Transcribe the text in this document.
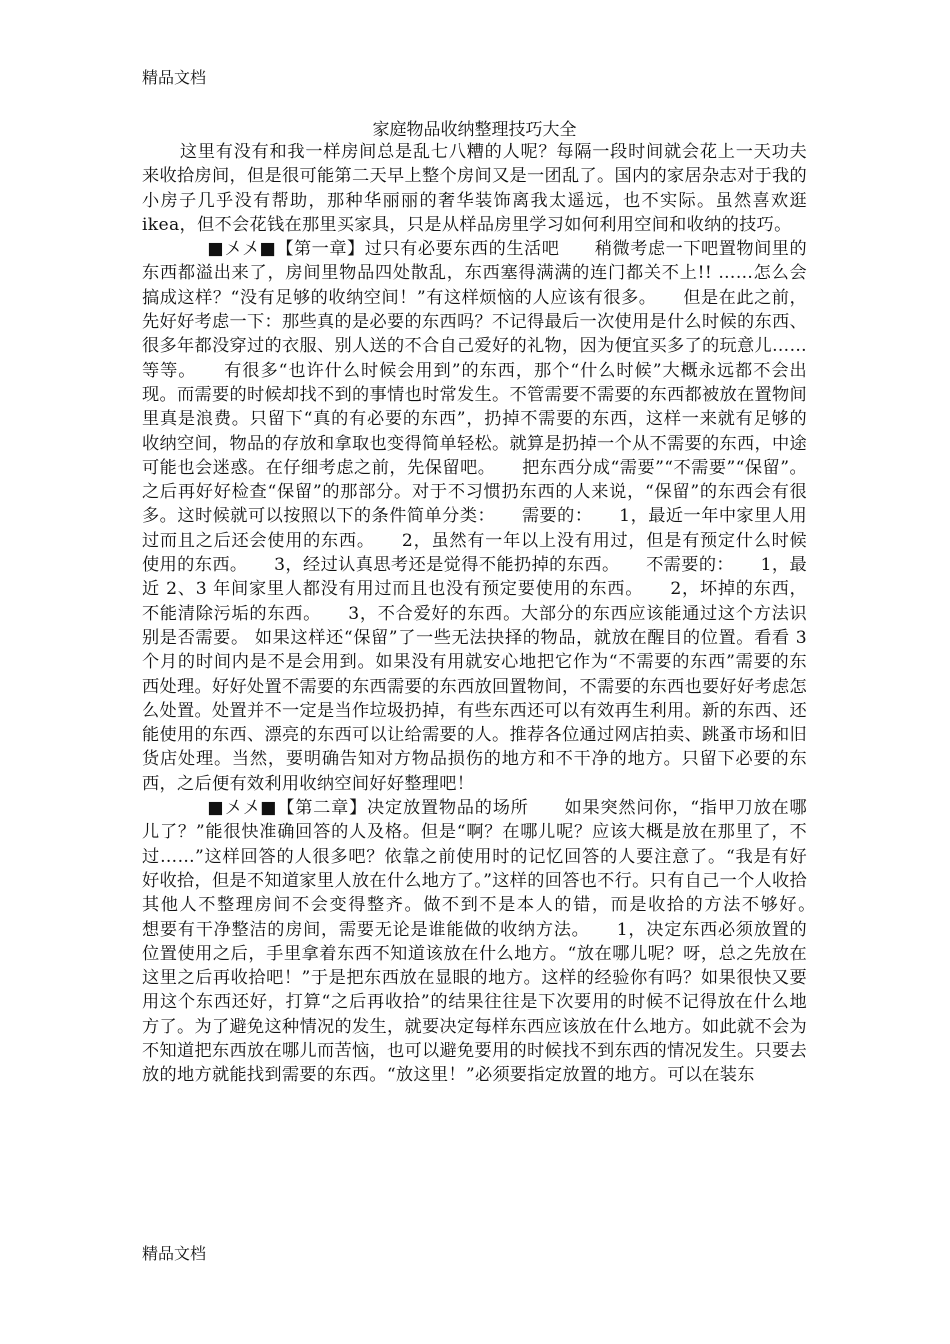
精品文档
家庭物品收纳整理技巧大全

这里有没有和我一样房间总是乱七八糟的人呢？每隔一段时间就会花上一天功夫来收拾房间，但是很可能第二天早上整个房间又是一团乱了。国内的家居杂志对于我的小房子几乎没有帮助，那种华丽丽的奢华装饰离我太遥远，也不实际。虽然喜欢逛 ikea，但不会花钱在那里买家具，只是从样品房里学习如何利用空间和收纳的技巧。

■〤〤■【第一章】过只有必要东西的生活吧　　稍微考虑一下吧置物间里的东西都溢出来了，房间里物品四处散乱，东西塞得满满的连门都关不上!! ……怎么会搞成这样？“没有足够的收纳空间！”有这样烦恼的人应该有很多。　　但是在此之前，先好好考虑一下：那些真的是必要的东西吗？不记得最后一次使用是什么时候的东西、很多年都没穿过的衣服、别人送的不合自己爱好的礼物，因为便宜买多了的玩意儿……等等。　　有很多“也许什么时候会用到”的东西，那个“什么时候”大概永远都不会出现。而需要的时候却找不到的事情也时常发生。不管需要不需要的东西都被放在置物间里真是浪费。只留下“真的有必要的东西”，扔掉不需要的东西，这样一来就有足够的收纳空间，物品的存放和拿取也变得简单轻松。就算是扔掉一个从不需要的东西，中途可能也会迷惑。在仔细考虑之前，先保留吧。　　把东西分成“需要”“不需要”“保留”。之后再好好检查“保留”的那部分。对于不习惯扔东西的人来说，“保留”的东西会有很多。这时候就可以按照以下的条件简单分类：　　需要的：　　1，最近一年中家里人用过而且之后还会使用的东西。　　2，虽然有一年以上没有用过，但是有预定什么时候使用的东西。　　3，经过认真思考还是觉得不能扔掉的东西。　　不需要的：　　1，最近 2、3 年间家里人都没有用过而且也没有预定要使用的东西。　　2，坏掉的东西，不能清除污垢的东西。　　3，不合爱好的东西。大部分的东西应该能通过这个方法识别是否需要。 如果这样还“保留”了一些无法抉择的物品，就放在醒目的位置。看看 3 个月的时间内是不是会用到。如果没有用就安心地把它作为“不需要的东西”需要的东西处理。好好处置不需要的东西需要的东西放回置物间，不需要的东西也要好好考虑怎么处置。处置并不一定是当作垃圾扔掉，有些东西还可以有效再生利用。新的东西、还能使用的东西、漂亮的东西可以让给需要的人。推荐各位通过网店拍卖、跳蚤市场和旧货店处理。当然，要明确告知对方物品损伤的地方和不干净的地方。只留下必要的东西，之后便有效利用收纳空间好好整理吧！

■〤〤■【第二章】决定放置物品的场所　　如果突然问你，“指甲刀放在哪儿了？”能很快准确回答的人及格。但是“啊？在哪儿呢？应该大概是放在那里了，不过……”这样回答的人很多吧？依靠之前使用时的记忆回答的人要注意了。“我是有好好收拾，但是不知道家里人放在什么地方了。”这样的回答也不行。只有自己一个人收拾其他人不整理房间不会变得整齐。做不到不是本人的错，而是收拾的方法不够好。　　想要有干净整洁的房间，需要无论是谁能做的收纳方法。　　1，决定东西必须放置的位置使用之后，手里拿着东西不知道该放在什么地方。“放在哪儿呢？呀，总之先放在这里之后再收拾吧！”于是把东西放在显眼的地方。这样的经验你有吗？如果很快又要用这个东西还好，打算“之后再收拾”的结果往往是下次要用的时候不记得放在什么地方了。为了避免这种情况的发生，就要决定每样东西应该放在什么地方。如此就不会为不知道把东西放在哪儿而苦恼，也可以避免要用的时候找不到东西的情况发生。只要去放的地方就能找到需要的东西。“放这里！”必须要指定放置的地方。可以在装东

精品文档
